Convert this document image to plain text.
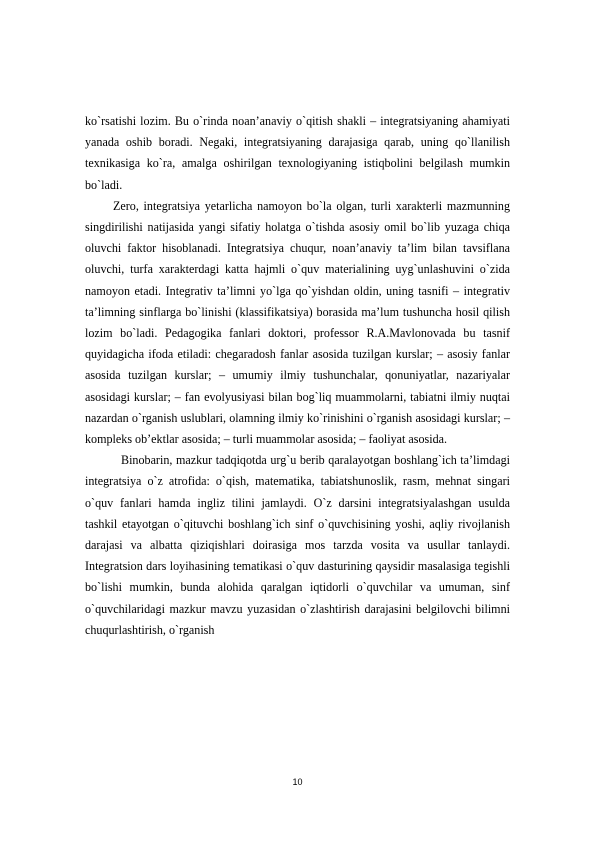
ko`rsatishi lozim. Bu o`rinda noan’anaviy o`qitish shakli – integratsiyaning ahamiyati yanada oshib boradi. Negaki, integratsiyaning darajasiga qarab, uning qo`llanilish texnikasiga ko`ra, amalga oshirilgan texnologiyaning istiqbolini belgilash mumkin bo`ladi.

Zero, integratsiya yetarlicha namoyon bo`la olgan, turli xarakterli mazmunning singdirilishi natijasida yangi sifatiy holatga o`tishda asosiy omil bo`lib yuzaga chiqa oluvchi faktor hisoblanadi. Integratsiya chuqur, noan’anaviy ta’lim bilan tavsiflana oluvchi, turfa xarakterdagi katta hajmli o`quv materialining uyg`unlashuvini o`zida namoyon etadi. Integrativ ta’limni yo`lga qo`yishdan oldin, uning tasnifi – integrativ ta’limning sinflarga bo`linishi (klassifikatsiya) borasida ma’lum tushuncha hosil qilish lozim bo`ladi. Pedagogika fanlari doktori, professor R.A.Mavlonovada bu tasnif quyidagicha ifoda etiladi: chegaradosh fanlar asosida tuzilgan kurslar; – asosiy fanlar asosida tuzilgan kurslar; – umumiy ilmiy tushunchalar, qonuniyatlar, nazariyalar asosidagi kurslar; – fan evolyusiyasi bilan bog`liq muammolarni, tabiatni ilmiy nuqtai nazardan o`rganish uslublari, olamning ilmiy ko`rinishini o`rganish asosidagi kurslar; – kompleks ob’ektlar asosida; – turli muammolar asosida; – faoliyat asosida.

Binobarin, mazkur tadqiqotda urg`u berib qaralayotgan boshlang`ich ta’limdagi integratsiya o`z atrofida: o`qish, matematika, tabiatshunoslik, rasm, mehnat singari o`quv fanlari hamda ingliz tilini jamlaydi. O`z darsini integratsiyalashgan usulda tashkil etayotgan o`qituvchi boshlang`ich sinf o`quvchisining yoshi, aqliy rivojlanish darajasi va albatta qiziqishlari doirasiga mos tarzda vosita va usullar tanlaydi. Integratsion dars loyihasining tematikasi o`quv dasturining qaysidir masalasiga tegishli bo`lishi mumkin, bunda alohida qaralgan iqtidorli o`quvchilar va umuman, sinf o`quvchilaridagi mazkur mavzu yuzasidan o`zlashtirish darajasini belgilovchi bilimni chuqurlashtirish, o`rganish

10
